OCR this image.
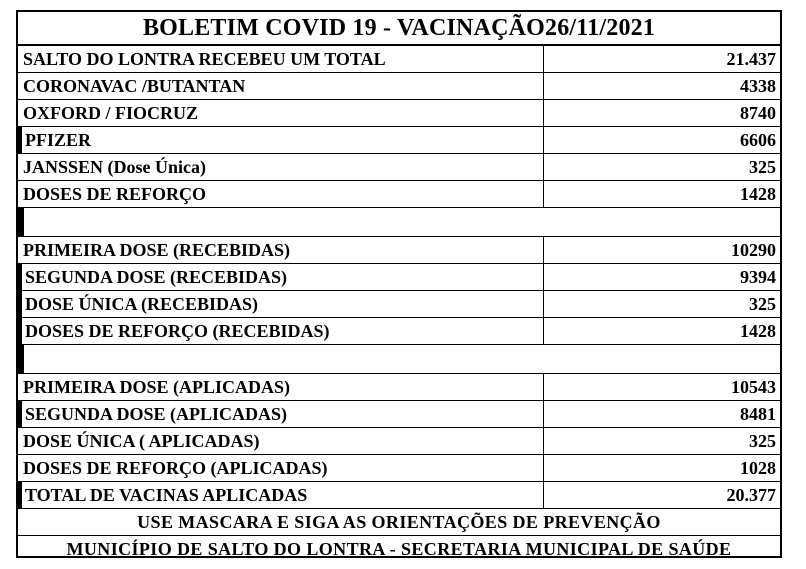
BOLETIM COVID 19 - VACINAÇÃO26/11/2021
SALTO DO LONTRA RECEBEU UM TOTAL	21.437
CORONAVAC /BUTANTAN	4338
OXFORD / FIOCRUZ	8740
PFIZER	6606
JANSSEN (Dose Única)	325
DOSES DE REFORÇO	1428
PRIMEIRA DOSE (RECEBIDAS)	10290
SEGUNDA DOSE (RECEBIDAS)	9394
DOSE ÚNICA (RECEBIDAS)	325
DOSES DE REFORÇO (RECEBIDAS)	1428
PRIMEIRA DOSE (APLICADAS)	10543
SEGUNDA DOSE (APLICADAS)	8481
DOSE ÚNICA ( APLICADAS)	325
DOSES DE REFORÇO (APLICADAS)	1028
TOTAL DE VACINAS APLICADAS	20.377
USE MASCARA E SIGA AS ORIENTAÇÕES DE PREVENÇÃO
MUNICÍPIO DE SALTO DO LONTRA - SECRETARIA MUNICIPAL DE SAÚDE
